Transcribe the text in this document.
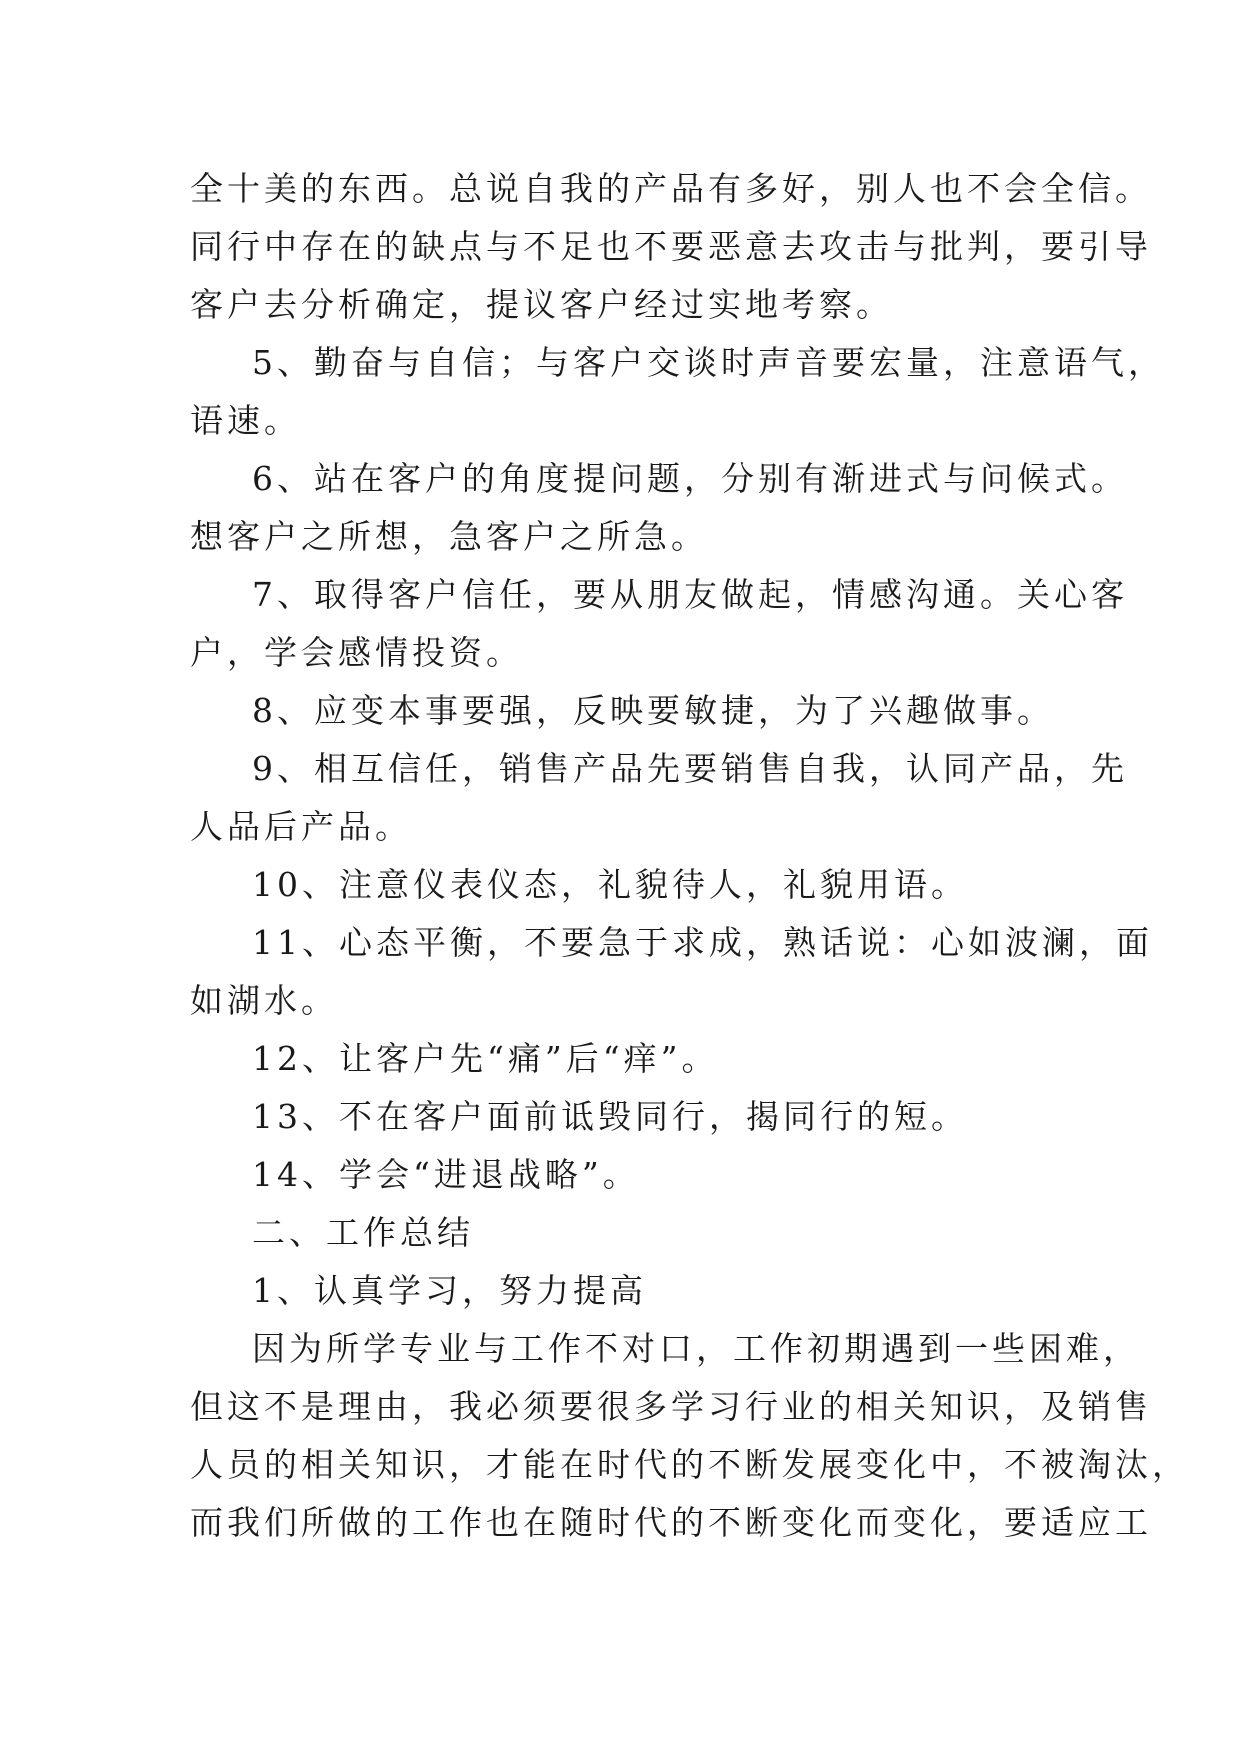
全十美的东西。总说自我的产品有多好，别人也不会全信。

同行中存在的缺点与不足也不要恶意去攻击与批判，要引导

客户去分析确定，提议客户经过实地考察。

5、勤奋与自信；与客户交谈时声音要宏量，注意语气，

语速。

6、站在客户的角度提问题，分别有渐进式与问候式。

想客户之所想，急客户之所急。

7、取得客户信任，要从朋友做起，情感沟通。关心客

户，学会感情投资。

8、应变本事要强，反映要敏捷，为了兴趣做事。

9、相互信任，销售产品先要销售自我，认同产品，先

人品后产品。

10、注意仪表仪态，礼貌待人，礼貌用语。

11、心态平衡，不要急于求成，熟话说：心如波澜，面

如湖水。

12、让客户先“痛”后“痒”。

13、不在客户面前诋毁同行，揭同行的短。

14、学会“进退战略”。

二、工作总结

1、认真学习，努力提高

因为所学专业与工作不对口，工作初期遇到一些困难，

但这不是理由，我必须要很多学习行业的相关知识，及销售

人员的相关知识，才能在时代的不断发展变化中，不被淘汰，

而我们所做的工作也在随时代的不断变化而变化，要适应工
